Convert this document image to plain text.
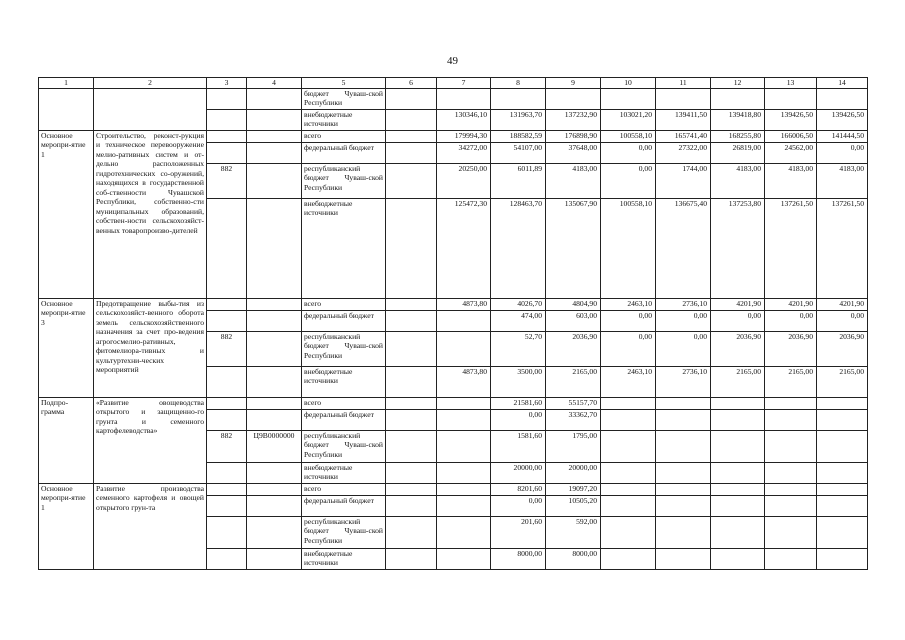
49
1	2	3	4	5	6	7	8	9	10	11	12	13	14
				бюджет Чуваш-ской Республики									
				внебюджетные источники		130346,10	131963,70	137232,90	103021,20	139411,50	139418,80	139426,50	139426,50
Основное меропри-ятие 1	Строительство, реконст-рукция и техническое перевооружение мелио-ративных систем и от-дельно расположенных гидротехнических со-оружений, находящихся в государственной соб-ственности Чувашской Республики, собственно-сти муниципальных образований, собствен-ности сельскохозяйст-венных товаропроизво-дителей			всего		179994,30	188582,59	176898,90	100558,10	165741,40	168255,80	166006,50	141444,50
				федеральный бюджет		34272,00	54107,00	37648,00	0,00	27322,00	26819,00	24562,00	0,00
		882		республиканский бюджет Чуваш-ской Республики		20250,00	6011,89	4183,00	0,00	1744,00	4183,00	4183,00	4183,00
				внебюджетные источники		125472,30	128463,70	135067,90	100558,10	136675,40	137253,80	137261,50	137261,50
Основное меропри-ятие 3	Предотвращение выбы-тия из сельскохозяйст-венного оборота земель сельскохозяйственного назначения за счет про-ведения агрогосмелио-ративных, фитомелиора-тивных и культуртехни-ческих мероприятий			всего		4873,80	4026,70	4804,90	2463,10	2736,10	4201,90	4201,90	4201,90
				федеральный бюджет			474,00	603,00	0,00	0,00	0,00	0,00	0,00
		882		республиканский бюджет Чуваш-ской Республики			52,70	2036,90	0,00	0,00	2036,90	2036,90	2036,90
				внебюджетные источники		4873,80	3500,00	2165,00	2463,10	2736,10	2165,00	2165,00	2165,00
Подпро-грамма	«Развитие овощеводства открытого и защищенно-го грунта и семенного картофелеводства»			всего			21581,60	55157,70					
				федеральный бюджет			0,00	33362,70					
		882	Ц9В0000000	республиканский бюджет Чуваш-ской Республики			1581,60	1795,00					
				внебюджетные источники			20000,00	20000,00					
Основное меропри-ятие 1	Развитие производства семенного картофеля и овощей открытого грун-та			всего			8201,60	19097,20					
				федеральный бюджет			0,00	10505,20					
				республиканский бюджет Чуваш-ской Республики			201,60	592,00					
				внебюджетные источники			8000,00	8000,00					
